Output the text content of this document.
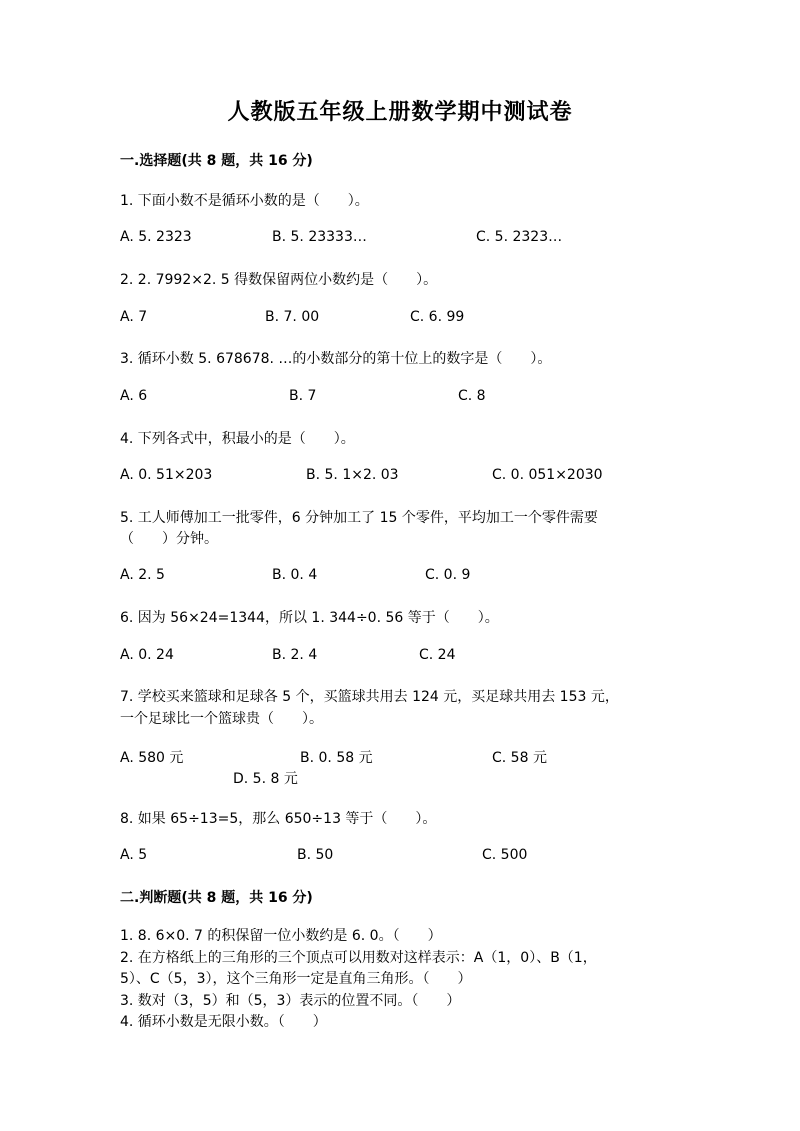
人教版五年级上册数学期中测试卷
一.选择题(共 8 题，共 16 分)
1. 下面小数不是循环小数的是（　　）。
A. 5. 2323	B. 5. 23333…	C. 5. 2323…
2. 2. 7992×2. 5 得数保留两位小数约是（　　）。
A. 7	B. 7. 00	C. 6. 99
3. 循环小数 5. 678678. …的小数部分的第十位上的数字是（　　）。
A. 6	B. 7	C. 8
4. 下列各式中，积最小的是（　　）。
A. 0. 51×203	B. 5. 1×2. 03	C. 0. 051×2030
5. 工人师傅加工一批零件，6 分钟加工了 15 个零件，平均加工一个零件需要
（　　）分钟。
A. 2. 5	B. 0. 4	C. 0. 9
6. 因为 56×24=1344，所以 1. 344÷0. 56 等于（　　）。
A. 0. 24	B. 2. 4	C. 24
7. 学校买来篮球和足球各 5 个，买篮球共用去 124 元，买足球共用去 153 元，
一个足球比一个篮球贵（　　）。
A. 580 元	B. 0. 58 元	C. 58 元
D. 5. 8 元
8. 如果 65÷13=5，那么 650÷13 等于（　　）。
A. 5	B. 50	C. 500
二.判断题(共 8 题，共 16 分)
1. 8. 6×0. 7 的积保留一位小数约是 6. 0。（　　）
2. 在方格纸上的三角形的三个顶点可以用数对这样表示：A（1，0）、B（1，
5）、C（5，3），这个三角形一定是直角三角形。（　　）
3. 数对（3，5）和（5，3）表示的位置不同。（　　）
4. 循环小数是无限小数。（　　）
